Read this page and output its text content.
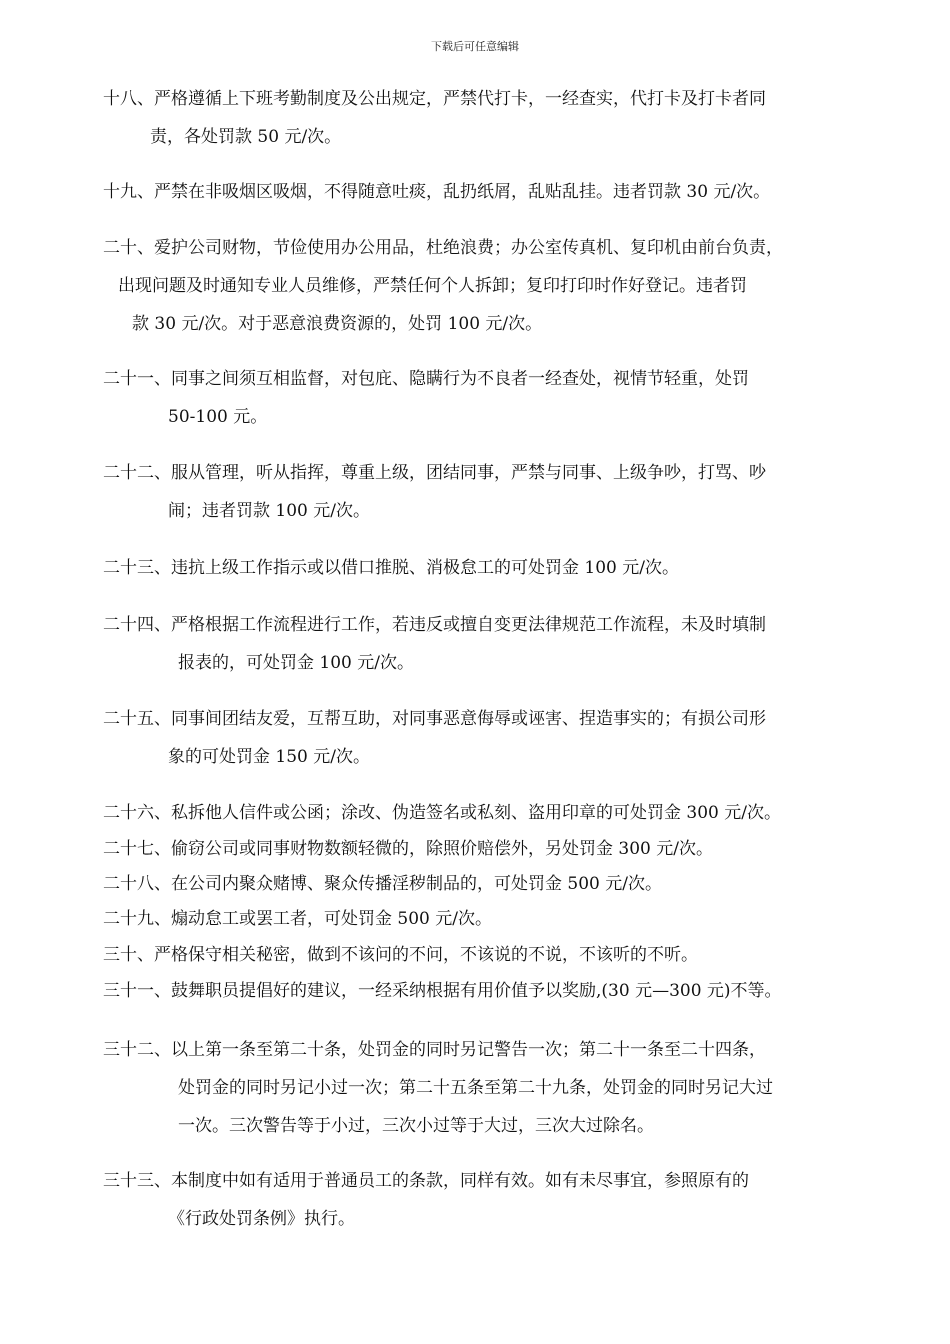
下载后可任意编辑
十八、严格遵循上下班考勤制度及公出规定，严禁代打卡，一经查实，代打卡及打卡者同
责，各处罚款 50 元/次。
十九、严禁在非吸烟区吸烟，不得随意吐痰，乱扔纸屑，乱贴乱挂。违者罚款 30 元/次。
二十、爱护公司财物，节俭使用办公用品，杜绝浪费；办公室传真机、复印机由前台负责，
出现问题及时通知专业人员维修，严禁任何个人拆卸；复印打印时作好登记。违者罚
款 30 元/次。对于恶意浪费资源的，处罚 100 元/次。
二十一、同事之间须互相监督，对包庇、隐瞒行为不良者一经查处，视情节轻重，处罚
50-100 元。
二十二、服从管理，听从指挥，尊重上级，团结同事，严禁与同事、上级争吵，打骂、吵
闹；违者罚款 100 元/次。
二十三、违抗上级工作指示或以借口推脱、消极怠工的可处罚金 100 元/次。
二十四、严格根据工作流程进行工作，若违反或擅自变更法律规范工作流程，未及时填制
报表的，可处罚金 100 元/次。
二十五、同事间团结友爱，互帮互助，对同事恶意侮辱或诬害、捏造事实的；有损公司形
象的可处罚金 150 元/次。
二十六、私拆他人信件或公函；涂改、伪造签名或私刻、盗用印章的可处罚金 300 元/次。
二十七、偷窃公司或同事财物数额轻微的，除照价赔偿外，另处罚金 300 元/次。
二十八、在公司内聚众赌博、聚众传播淫秽制品的，可处罚金 500 元/次。
二十九、煽动怠工或罢工者，可处罚金 500 元/次。
三十、严格保守相关秘密，做到不该问的不问，不该说的不说，不该听的不听。
三十一、鼓舞职员提倡好的建议，一经采纳根据有用价值予以奖励,(30 元—300 元)不等。
三十二、以上第一条至第二十条，处罚金的同时另记警告一次；第二十一条至二十四条，
处罚金的同时另记小过一次；第二十五条至第二十九条，处罚金的同时另记大过
一次。三次警告等于小过，三次小过等于大过，三次大过除名。
三十三、本制度中如有适用于普通员工的条款，同样有效。如有未尽事宜，参照原有的
《行政处罚条例》执行。
